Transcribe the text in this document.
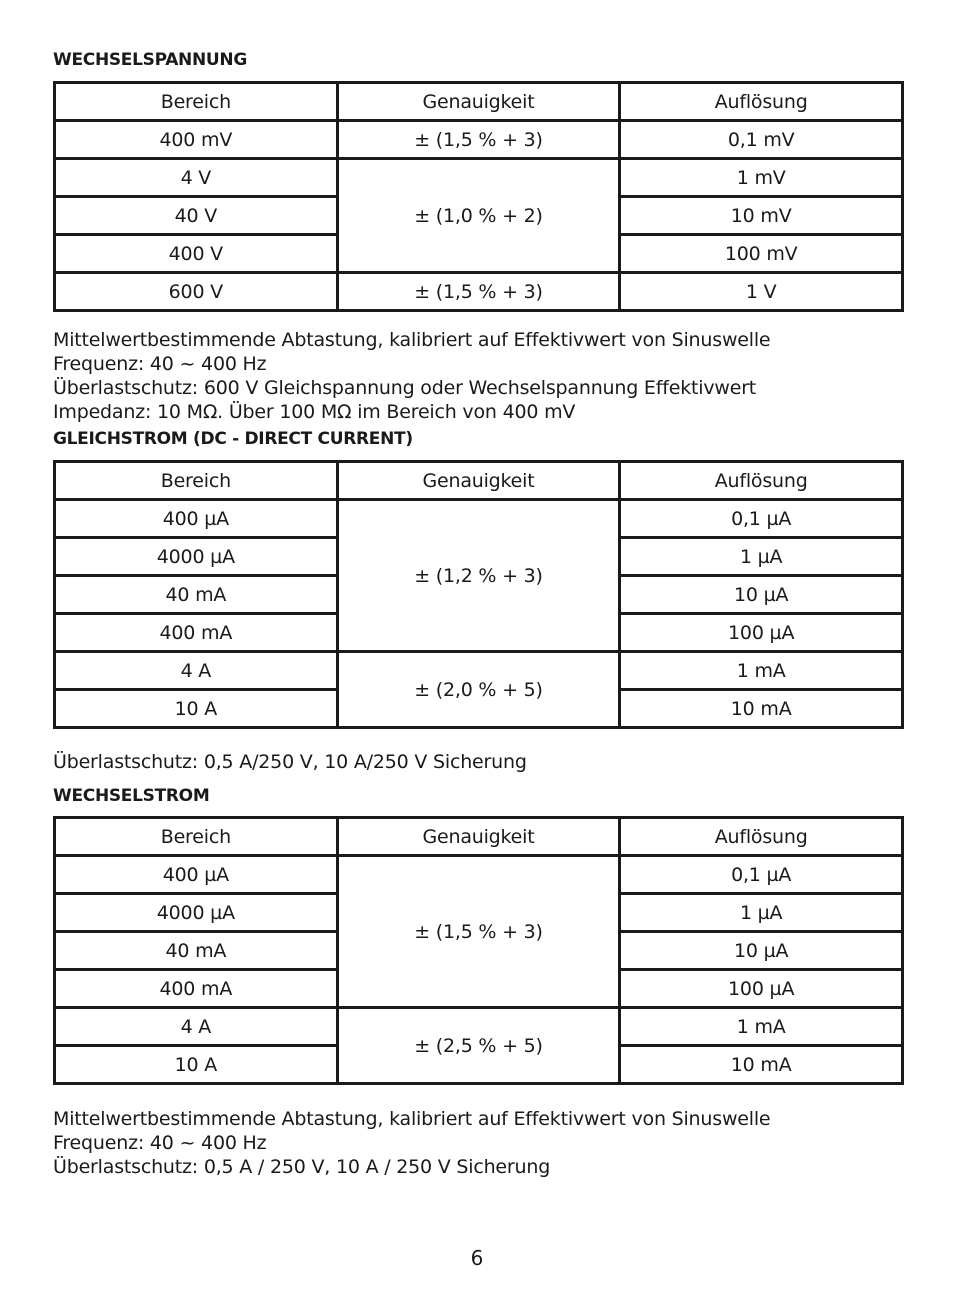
WECHSELSPANNUNG
Bereich	Genauigkeit	Auflösung
400 mV	± (1,5 % + 3)	0,1 mV
4 V	± (1,0 % + 2)	1 mV
40 V		10 mV
400 V		100 mV
600 V	± (1,5 % + 3)	1 V
Mittelwertbestimmende Abtastung, kalibriert auf Effektivwert von Sinuswelle
Frequenz: 40 ~ 400 Hz
Überlastschutz: 600 V Gleichspannung oder Wechselspannung Effektivwert
Impedanz: 10 MΩ. Über 100 MΩ im Bereich von 400 mV
GLEICHSTROM (DC - DIRECT CURRENT)
Bereich	Genauigkeit	Auflösung
400 µA	± (1,2 % + 3)	0,1 µA
4000 µA		1 µA
40 mA		10 µA
400 mA		100 µA
4 A	± (2,0 % + 5)	1 mA
10 A		10 mA
Überlastschutz: 0,5 A/250 V, 10 A/250 V Sicherung
WECHSELSTROM
Bereich	Genauigkeit	Auflösung
400 µA	± (1,5 % + 3)	0,1 µA
4000 µA		1 µA
40 mA		10 µA
400 mA		100 µA
4 A	± (2,5 % + 5)	1 mA
10 A		10 mA
Mittelwertbestimmende Abtastung, kalibriert auf Effektivwert von Sinuswelle
Frequenz: 40 ~ 400 Hz
Überlastschutz: 0,5 A / 250 V, 10 A / 250 V Sicherung
6
